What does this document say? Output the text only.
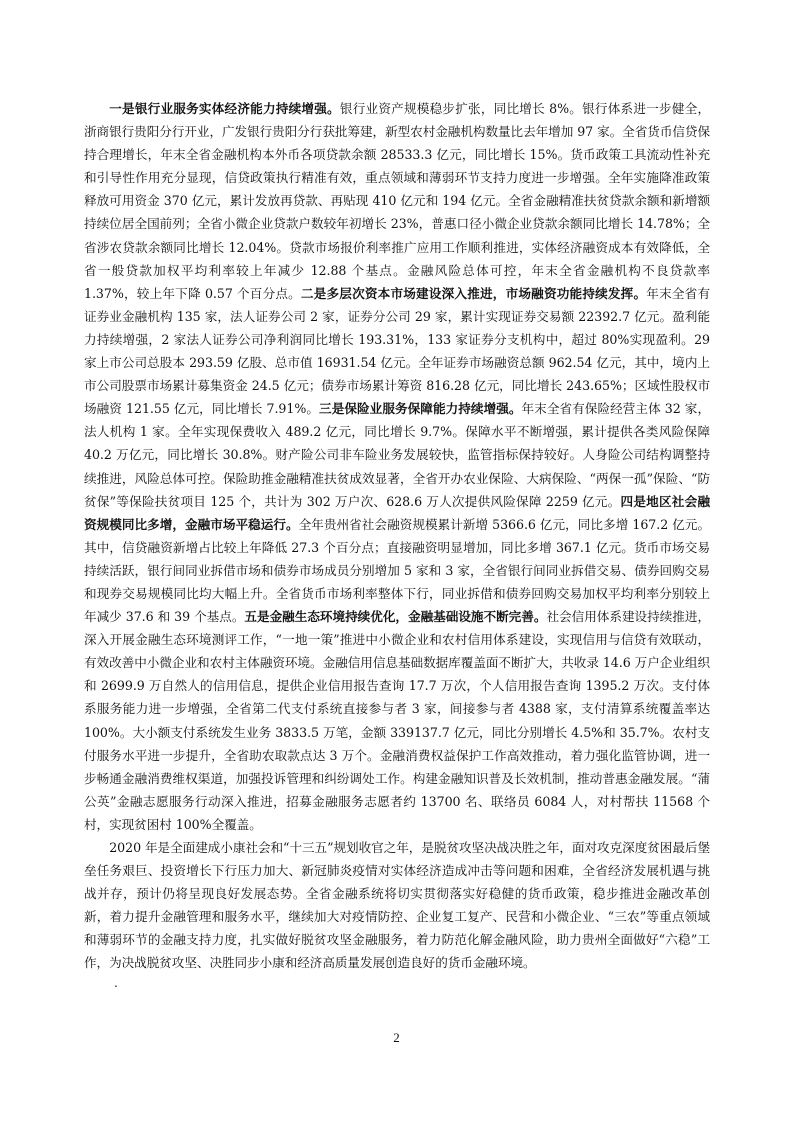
一是银行业服务实体经济能力持续增强。银行业资产规模稳步扩张，同比增长 8%。银行体系进一步健全，浙商银行贵阳分行开业，广发银行贵阳分行获批筹建，新型农村金融机构数量比去年增加 97 家。全省货币信贷保持合理增长，年末全省金融机构本外币各项贷款余额 28533.3 亿元，同比增长 15%。货币政策工具流动性补充和引导性作用充分显现，信贷政策执行精准有效，重点领域和薄弱环节支持力度进一步增强。全年实施降准政策释放可用资金 370 亿元，累计发放再贷款、再贴现 410 亿元和 194 亿元。全省金融精准扶贫贷款余额和新增额持续位居全国前列；全省小微企业贷款户数较年初增长 23%，普惠口径小微企业贷款余额同比增长 14.78%；全省涉农贷款余额同比增长 12.04%。贷款市场报价利率推广应用工作顺利推进，实体经济融资成本有效降低，全省一般贷款加权平均利率较上年减少 12.88 个基点。金融风险总体可控，年末全省金融机构不良贷款率 1.37%，较上年下降 0.57 个百分点。二是多层次资本市场建设深入推进，市场融资功能持续发挥。年末全省有证券业金融机构 135 家，法人证券公司 2 家，证券分公司 29 家，累计实现证券交易额 22392.7 亿元。盈利能力持续增强，2 家法人证券公司净利润同比增长 193.31%，133 家证券分支机构中，超过 80%实现盈利。29 家上市公司总股本 293.59 亿股、总市值 16931.54 亿元。全年证券市场融资总额 962.54 亿元，其中，境内上市公司股票市场累计募集资金 24.5 亿元；债券市场累计筹资 816.28 亿元，同比增长 243.65%；区域性股权市场融资 121.55 亿元，同比增长 7.91%。三是保险业服务保障能力持续增强。年末全省有保险经营主体 32 家，法人机构 1 家。全年实现保费收入 489.2 亿元，同比增长 9.7%。保障水平不断增强，累计提供各类风险保障 40.2 万亿元，同比增长 30.8%。财产险公司非车险业务发展较快，监管指标保持较好。人身险公司结构调整持续推进，风险总体可控。保险助推金融精准扶贫成效显著，全省开办农业保险、大病保险、“两保一孤”保险、“防贫保”等保险扶贫项目 125 个，共计为 302 万户次、628.6 万人次提供风险保障 2259 亿元。四是地区社会融资规模同比多增，金融市场平稳运行。全年贵州省社会融资规模累计新增 5366.6 亿元，同比多增 167.2 亿元。其中，信贷融资新增占比较上年降低 27.3 个百分点；直接融资明显增加，同比多增 367.1 亿元。货币市场交易持续活跃，银行间同业拆借市场和债券市场成员分别增加 5 家和 3 家，全省银行间同业拆借交易、债券回购交易和现券交易规模同比均大幅上升。全省货币市场利率整体下行，同业拆借和债券回购交易加权平均利率分别较上年减少 37.6 和 39 个基点。五是金融生态环境持续优化，金融基础设施不断完善。社会信用体系建设持续推进，深入开展金融生态环境测评工作，“一地一策”推进中小微企业和农村信用体系建设，实现信用与信贷有效联动，有效改善中小微企业和农村主体融资环境。金融信用信息基础数据库覆盖面不断扩大，共收录 14.6 万户企业组织和 2699.9 万自然人的信用信息，提供企业信用报告查询 17.7 万次，个人信用报告查询 1395.2 万次。支付体系服务能力进一步增强，全省第二代支付系统直接参与者 3 家，间接参与者 4388 家，支付清算系统覆盖率达 100%。大小额支付系统发生业务 3833.5 万笔，金额 339137.7 亿元，同比分别增长 4.5%和 35.7%。农村支付服务水平进一步提升，全省助农取款点达 3 万个。金融消费权益保护工作高效推动，着力强化监管协调，进一步畅通金融消费维权渠道，加强投诉管理和纠纷调处工作。构建金融知识普及长效机制，推动普惠金融发展。“蒲公英”金融志愿服务行动深入推进，招募金融服务志愿者约 13700 名、联络员 6084 人，对村帮扶 11568 个村，实现贫困村 100%全覆盖。

2020 年是全面建成小康社会和“十三五”规划收官之年，是脱贫攻坚决战决胜之年，面对攻克深度贫困最后堡垒任务艰巨、投资增长下行压力加大、新冠肺炎疫情对实体经济造成冲击等问题和困难，全省经济发展机遇与挑战并存，预计仍将呈现良好发展态势。全省金融系统将切实贯彻落实好稳健的货币政策，稳步推进金融改革创新，着力提升金融管理和服务水平，继续加大对疫情防控、企业复工复产、民营和小微企业、“三农”等重点领域和薄弱环节的金融支持力度，扎实做好脱贫攻坚金融服务，着力防范化解金融风险，助力贵州全面做好“六稳”工作，为决战脱贫攻坚、决胜同步小康和经济高质量发展创造良好的货币金融环境。

.
2
